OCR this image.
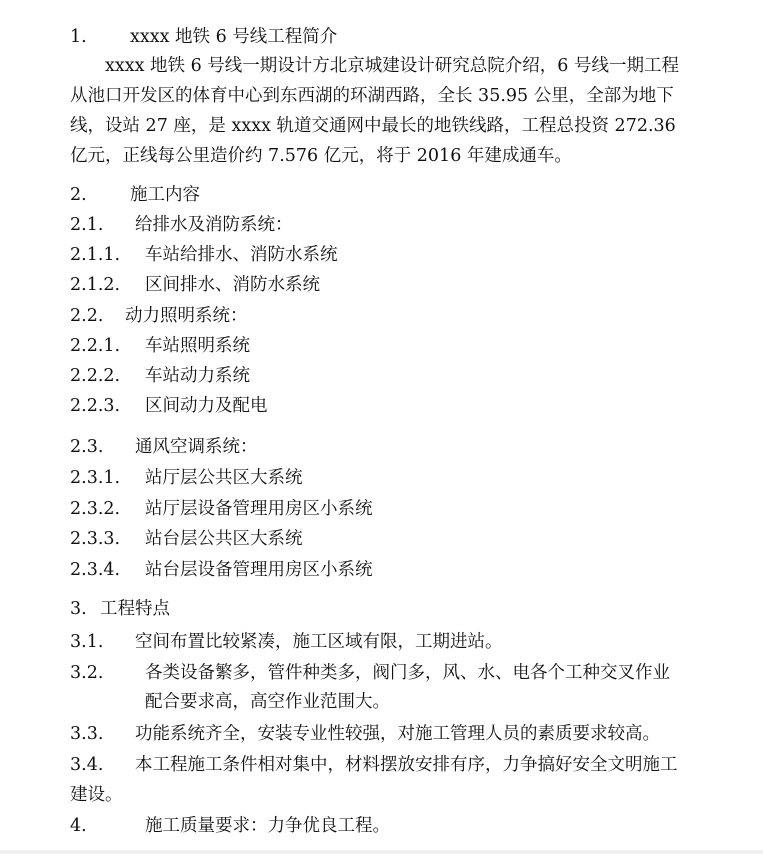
1. xxxx 地铁 6 号线工程简介
xxxx 地铁 6 号线一期设计方北京城建设计研究总院介绍，6 号线一期工程
从池口开发区的体育中心到东西湖的环湖西路，全长 35.95 公里，全部为地下
线，设站 27 座，是 xxxx 轨道交通网中最长的地铁线路，工程总投资 272.36
亿元，正线每公里造价约 7.576 亿元，将于 2016 年建成通车。
2. 施工内容
2.1. 给排水及消防系统：
2.1.1. 车站给排水、消防水系统
2.1.2. 区间排水、消防水系统
2.2. 动力照明系统：
2.2.1. 车站照明系统
2.2.2. 车站动力系统
2.2.3. 区间动力及配电
2.3. 通风空调系统：
2.3.1. 站厅层公共区大系统
2.3.2. 站厅层设备管理用房区小系统
2.3.3. 站台层公共区大系统
2.3.4. 站台层设备管理用房区小系统
3. 工程特点
3.1. 空间布置比较紧凑，施工区域有限，工期进站。
3.2. 各类设备繁多，管件种类多，阀门多，风、水、电各个工种交叉作业
配合要求高，高空作业范围大。
3.3. 功能系统齐全，安装专业性较强，对施工管理人员的素质要求较高。
3.4. 本工程施工条件相对集中，材料摆放安排有序，力争搞好安全文明施工
建设。
4.	施工质量要求：力争优良工程。
